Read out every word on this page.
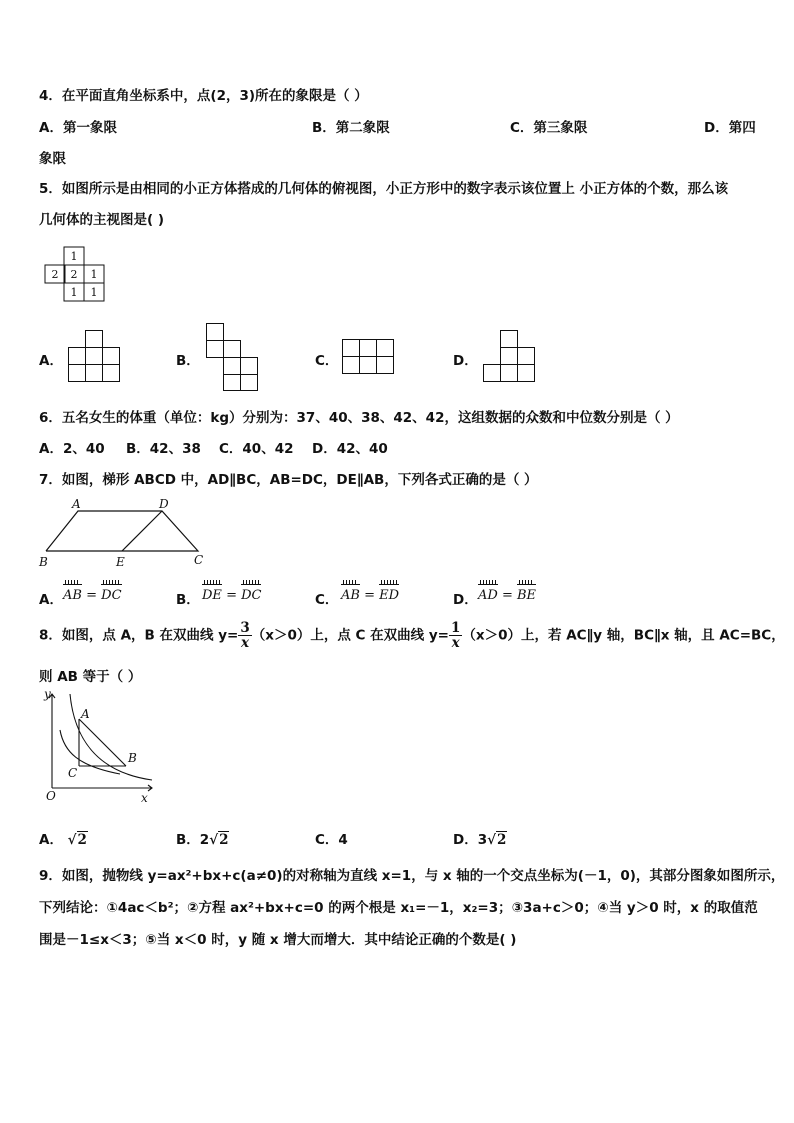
4．在平面直角坐标系中，点(2，3)所在的象限是（ ）
A．第一象限	B．第二象限	C．第三象限	D．第四
象限
5．如图所示是由相同的小正方体搭成的几何体的俯视图，小正方形中的数字表示该位置上 小正方体的个数，那么该
几何体的主视图是( )
1
2 2 1
1 1
A．	B．	C．	D．
6．五名女生的体重（单位：kg）分别为：37、40、38、42、42，这组数据的众数和中位数分别是（ ）
A．2、40 B．42、38 C．40、42 D．42、40
7．如图，梯形 ABCD 中，AD∥BC，AB=DC，DE∥AB，下列各式正确的是（ ）
A	D
B	E	C
A． AB = DC	B． DE = DC	C． AB = ED	D． AD = BE
8．如图，点 A，B 在双曲线 $y= \frac{3}{x} (x>0)$上，点 C 在双曲线 $y= \frac{1}{x} (x>0)$上，若 AC∥y 轴，BC∥x 轴，且 AC=BC，
则 AB 等于（ ）
y
x
O
A
B
C
A． √2	B．2√2	C．4	D．3√2
9．如图，抛物线 y=ax²+bx+c(a≠0)的对称轴为直线 x=1，与 x 轴的一个交点坐标为(－1，0)，其部分图象如图所示，
下列结论：①4ac＜b²；②方程 ax²+bx+c=0 的两个根是 x₁=－1，x₂=3；③3a+c＞0；④当 y＞0 时，x 的取值范
围是－1≤x＜3；⑤当 x＜0 时，y 随 x 增大而增大．其中结论正确的个数是( )
